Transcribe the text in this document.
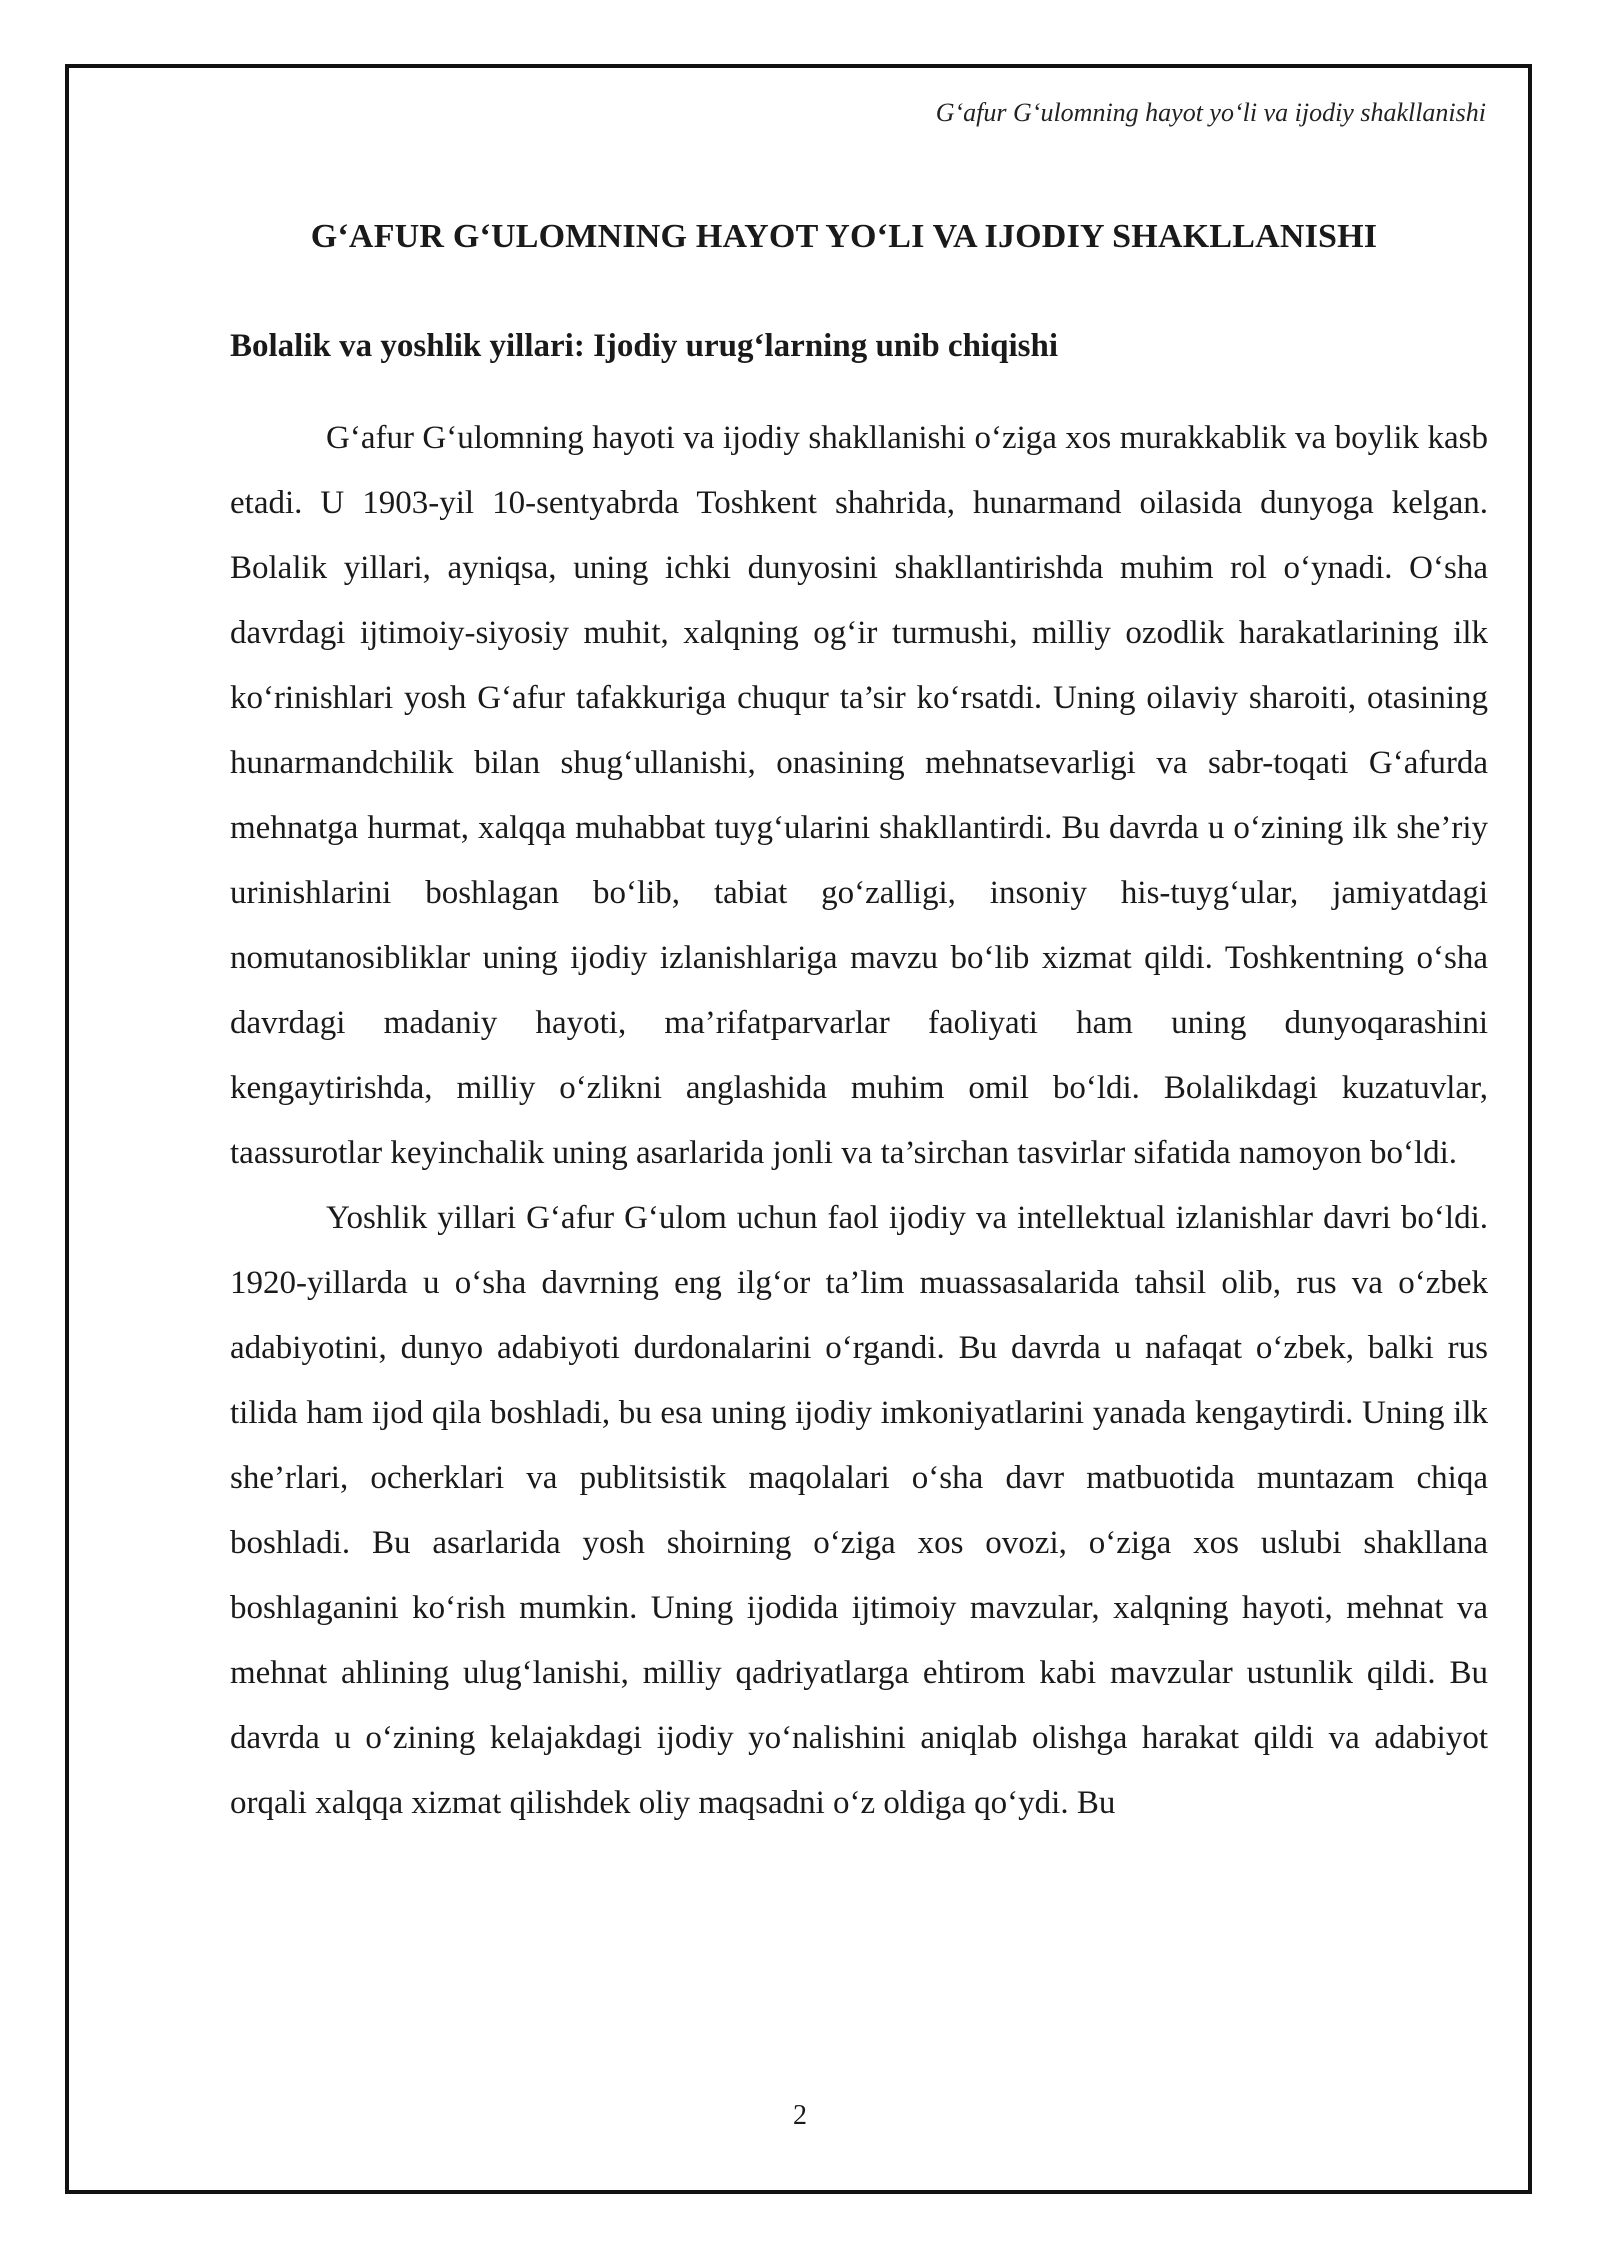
G‘afur G‘ulomning hayot yo‘li va ijodiy shakllanishi
G‘AFUR G‘ULOMNING HAYOT YO‘LI VA IJODIY SHAKLLANISHI
Bolalik va yoshlik yillari: Ijodiy urug‘larning unib chiqishi

G‘afur G‘ulomning hayoti va ijodiy shakllanishi o‘ziga xos murakkablik va boylik kasb etadi. U 1903-yil 10-sentyabrda Toshkent shahrida, hunarmand oilasida dunyoga kelgan. Bolalik yillari, ayniqsa, uning ichki dunyosini shakllantirishda muhim rol o‘ynadi. O‘sha davrdagi ijtimoiy-siyosiy muhit, xalqning og‘ir turmushi, milliy ozodlik harakatlarining ilk ko‘rinishlari yosh G‘afur tafakkuriga chuqur ta’sir ko‘rsatdi. Uning oilaviy sharoiti, otasining hunarmandchilik bilan shug‘ullanishi, onasining mehnatsevarligi va sabr-toqati G‘afurda mehnatga hurmat, xalqqa muhabbat tuyg‘ularini shakllantirdi. Bu davrda u o‘zining ilk she’riy urinishlarini boshlagan bo‘lib, tabiat go‘zalligi, insoniy his-tuyg‘ular, jamiyatdagi nomutanosibliklar uning ijodiy izlanishlariga mavzu bo‘lib xizmat qildi. Toshkentning o‘sha davrdagi madaniy hayoti, ma’rifatparvarlar faoliyati ham uning dunyoqarashini kengaytirishda, milliy o‘zlikni anglashida muhim omil bo‘ldi. Bolalikdagi kuzatuvlar, taassurotlar keyinchalik uning asarlarida jonli va ta’sirchan tasvirlar sifatida namoyon bo‘ldi.

Yoshlik yillari G‘afur G‘ulom uchun faol ijodiy va intellektual izlanishlar davri bo‘ldi. 1920-yillarda u o‘sha davrning eng ilg‘or ta’lim muassasalarida tahsil olib, rus va o‘zbek adabiyotini, dunyo adabiyoti durdonalarini o‘rgandi. Bu davrda u nafaqat o‘zbek, balki rus tilida ham ijod qila boshladi, bu esa uning ijodiy imkoniyatlarini yanada kengaytirdi. Uning ilk she’rlari, ocherklari va publitsistik maqolalari o‘sha davr matbuotida muntazam chiqa boshladi. Bu asarlarida yosh shoirning o‘ziga xos ovozi, o‘ziga xos uslubi shakllana boshlaganini ko‘rish mumkin. Uning ijodida ijtimoiy mavzular, xalqning hayoti, mehnat va mehnat ahlining ulug‘lanishi, milliy qadriyatlarga ehtirom kabi mavzular ustunlik qildi. Bu davrda u o‘zining kelajakdagi ijodiy yo‘nalishini aniqlab olishga harakat qildi va adabiyot orqali xalqqa xizmat qilishdek oliy maqsadni o‘z oldiga qo‘ydi. Bu

2
